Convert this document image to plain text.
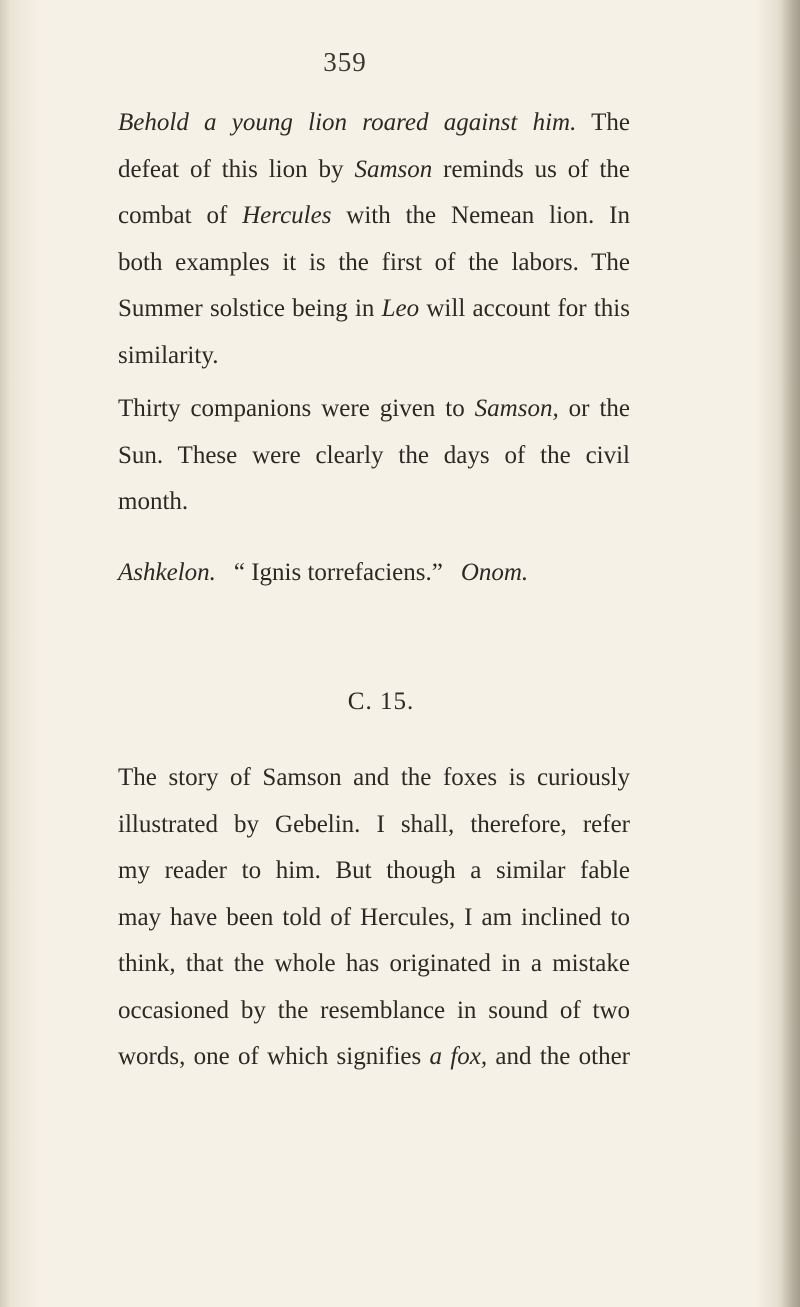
359
Behold a young lion roared against him. The
defeat of this lion by Samson reminds us of the
combat of Hercules with the Nemean lion. In
both examples it is the first of the labors. The
Summer solstice being in Leo will account for this
similarity.
Thirty companions were given to Samson, or the
Sun. These were clearly the days of the civil
month.
Ashkelon. “ Ignis torrefaciens.” Onom.
C. 15.
The story of Samson and the foxes is curiously
illustrated by Gebelin. I shall, therefore, refer
my reader to him. But though a similar fable
may have been told of Hercules, I am inclined to
think, that the whole has originated in a mistake
occasioned by the resemblance in sound of two
words, one of which signifies a fox, and the other
